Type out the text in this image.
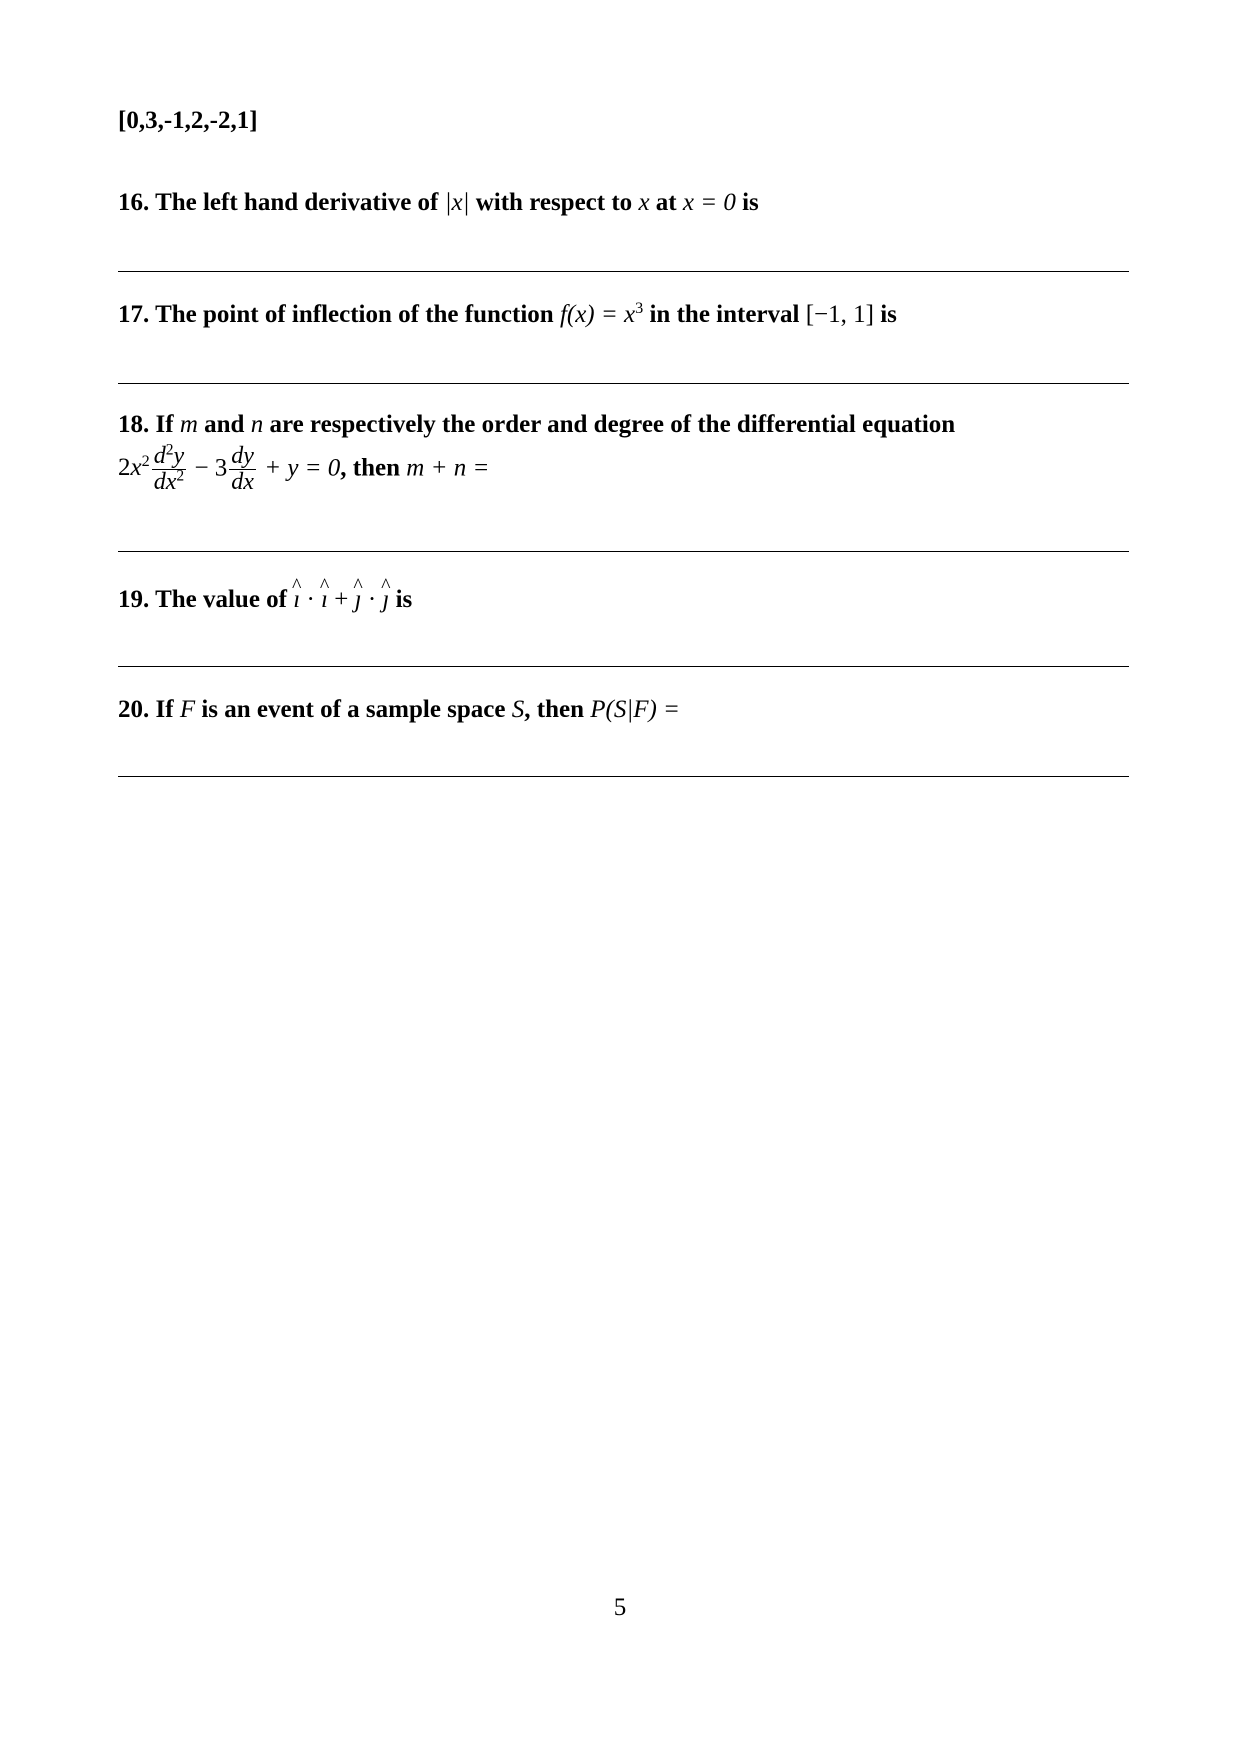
[0,3,-1,2,-2,1]
16. The left hand derivative of |x| with respect to x at x = 0 is
17. The point of inflection of the function $f(x) = x^3$ in the interval [−1, 1] is
18. If m and n are respectively the order and degree of the differential equation
$2x^2 \frac{d^2y}{dx^2} - 3 \frac{dy}{dx} + y = 0$, then m + n =
19. The value of ^ ı · ^ ı + ^ ȷ · ^ ȷ is
20. If F is an event of a sample space S, then P(S|F) =
5
